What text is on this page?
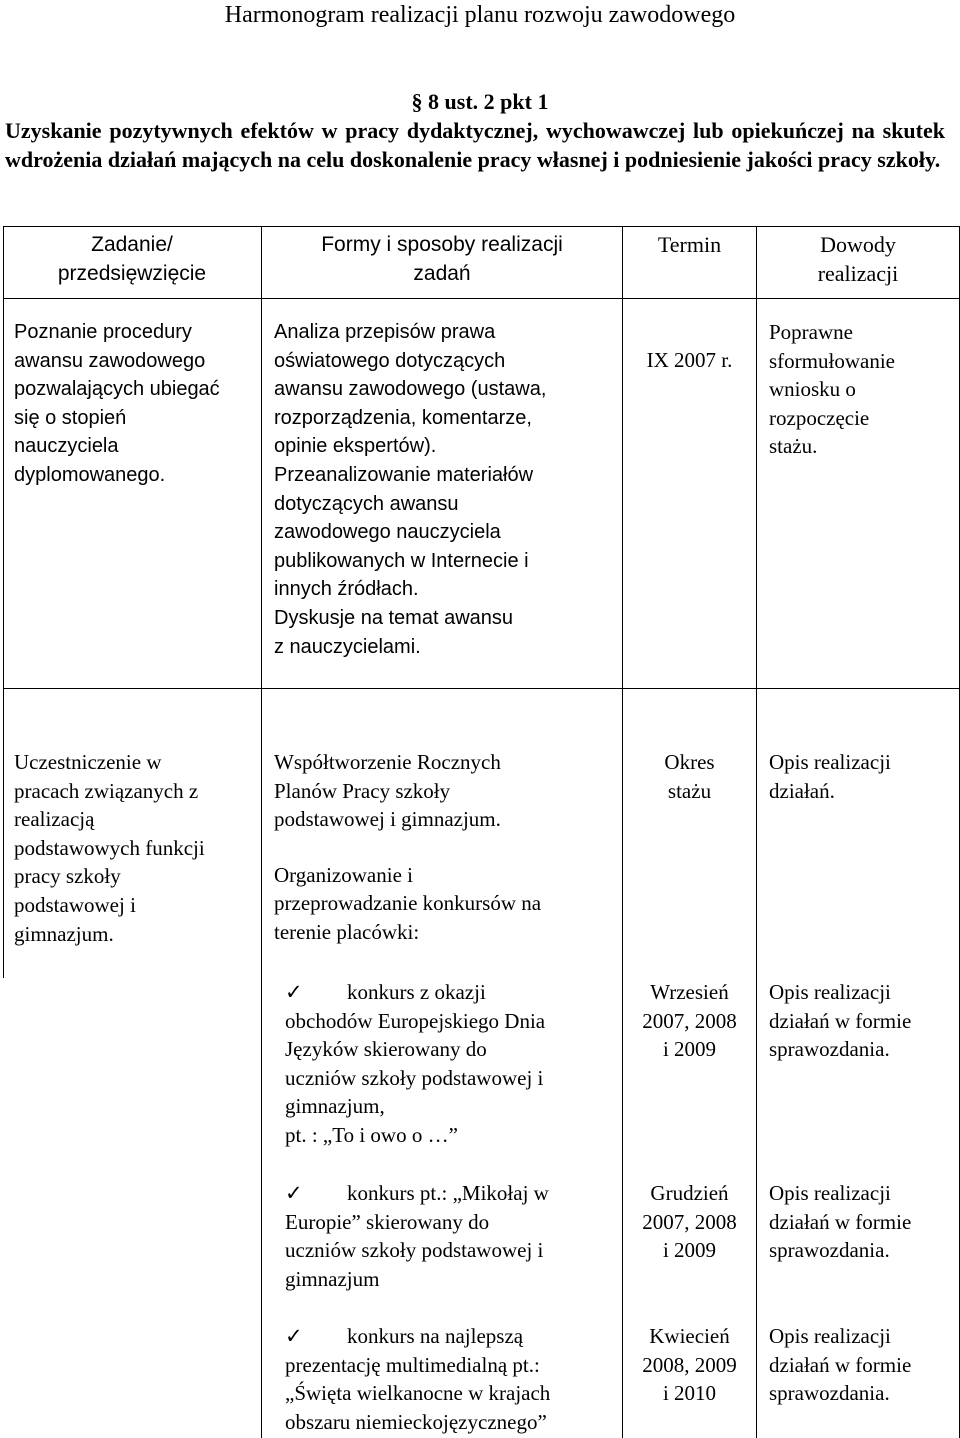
Harmonogram realizacji planu rozwoju zawodowego
§ 8 ust. 2 pkt 1
Uzyskanie pozytywnych efektów w pracy dydaktycznej, wychowawczej lub opiekuńczej na skutek wdrożenia działań mających na celu doskonalenie pracy własnej i podniesienie jakości pracy szkoły.
Zadanie/
przedsięwzięcie
Formy i sposoby realizacji
zadań
Termin	Dowody
realizacji
Poznanie procedury
awansu zawodowego
pozwalających ubiegać
się o stopień
nauczyciela
dyplomowanego.
Analiza przepisów prawa
oświatowego dotyczących
awansu zawodowego (ustawa,
rozporządzenia, komentarze,
opinie ekspertów).
Przeanalizowanie materiałów
dotyczących awansu
zawodowego nauczyciela
publikowanych w Internecie i
innych źródłach.
Dyskusje na temat awansu
z nauczycielami.
IX 2007 r.
Poprawne
sformułowanie
wniosku o
rozpoczęcie
stażu.
Uczestniczenie w
pracach związanych z
realizacją
podstawowych funkcji
pracy szkoły
podstawowej i
gimnazjum.
Współtworzenie Rocznych
Planów Pracy szkoły
podstawowej i gimnazjum.
Organizowanie i
przeprowadzanie konkursów na
terenie placówki:
Okres
stażu
Opis realizacji
działań.
✓ konkurs z okazji
obchodów Europejskiego Dnia
Języków skierowany do
uczniów szkoły podstawowej i
gimnazjum,
pt. : „To i owo o …”
Wrzesień
2007, 2008
i 2009
Opis realizacji
działań w formie
sprawozdania.
✓ konkurs pt.: „Mikołaj w
Europie” skierowany do
uczniów szkoły podstawowej i
gimnazjum
Grudzień
2007, 2008
i 2009
Opis realizacji
działań w formie
sprawozdania.
✓ konkurs na najlepszą
prezentację multimedialną pt.:
„Święta wielkanocne w krajach
obszaru niemieckojęzycznego”
Kwiecień
2008, 2009
i 2010
Opis realizacji
działań w formie
sprawozdania.
